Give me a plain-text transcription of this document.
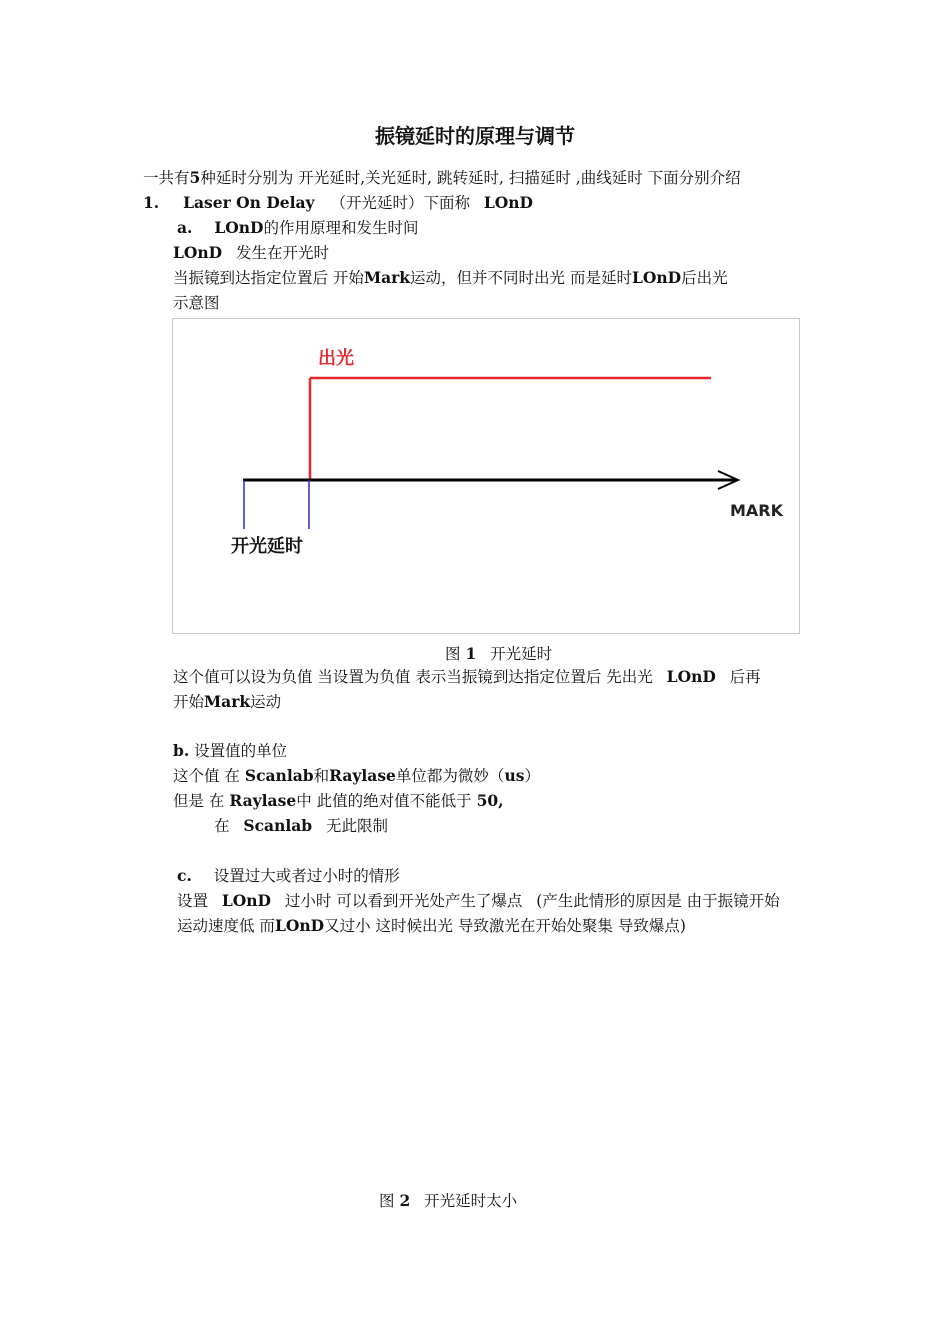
振镜延时的原理与调节
一共有5种延时分别为 开光延时,关光延时, 跳转延时, 扫描延时 ,曲线延时 下面分别介绍
1. Laser On Delay （开光延时）下面称 LOnD
a. LOnD的作用原理和发生时间
LOnD 发生在开光时
当振镜到达指定位置后 开始Mark运动，但并不同时出光 而是延时LOnD后出光
示意图
出光
MARK
开光延时
图 1 开光延时
这个值可以设为负值 当设置为负值 表示当振镜到达指定位置后 先出光 LOnD 后再
开始Mark运动
b. 设置值的单位
这个值 在 Scanlab和Raylase单位都为微妙（us）
但是 在 Raylase中 此值的绝对值不能低于 50,
在 Scanlab 无此限制
c. 设置过大或者过小时的情形
设置 LOnD 过小时 可以看到开光处产生了爆点 (产生此情形的原因是 由于振镜开始
运动速度低 而LOnD又过小 这时候出光 导致激光在开始处聚集 导致爆点)
图 2 开光延时太小
